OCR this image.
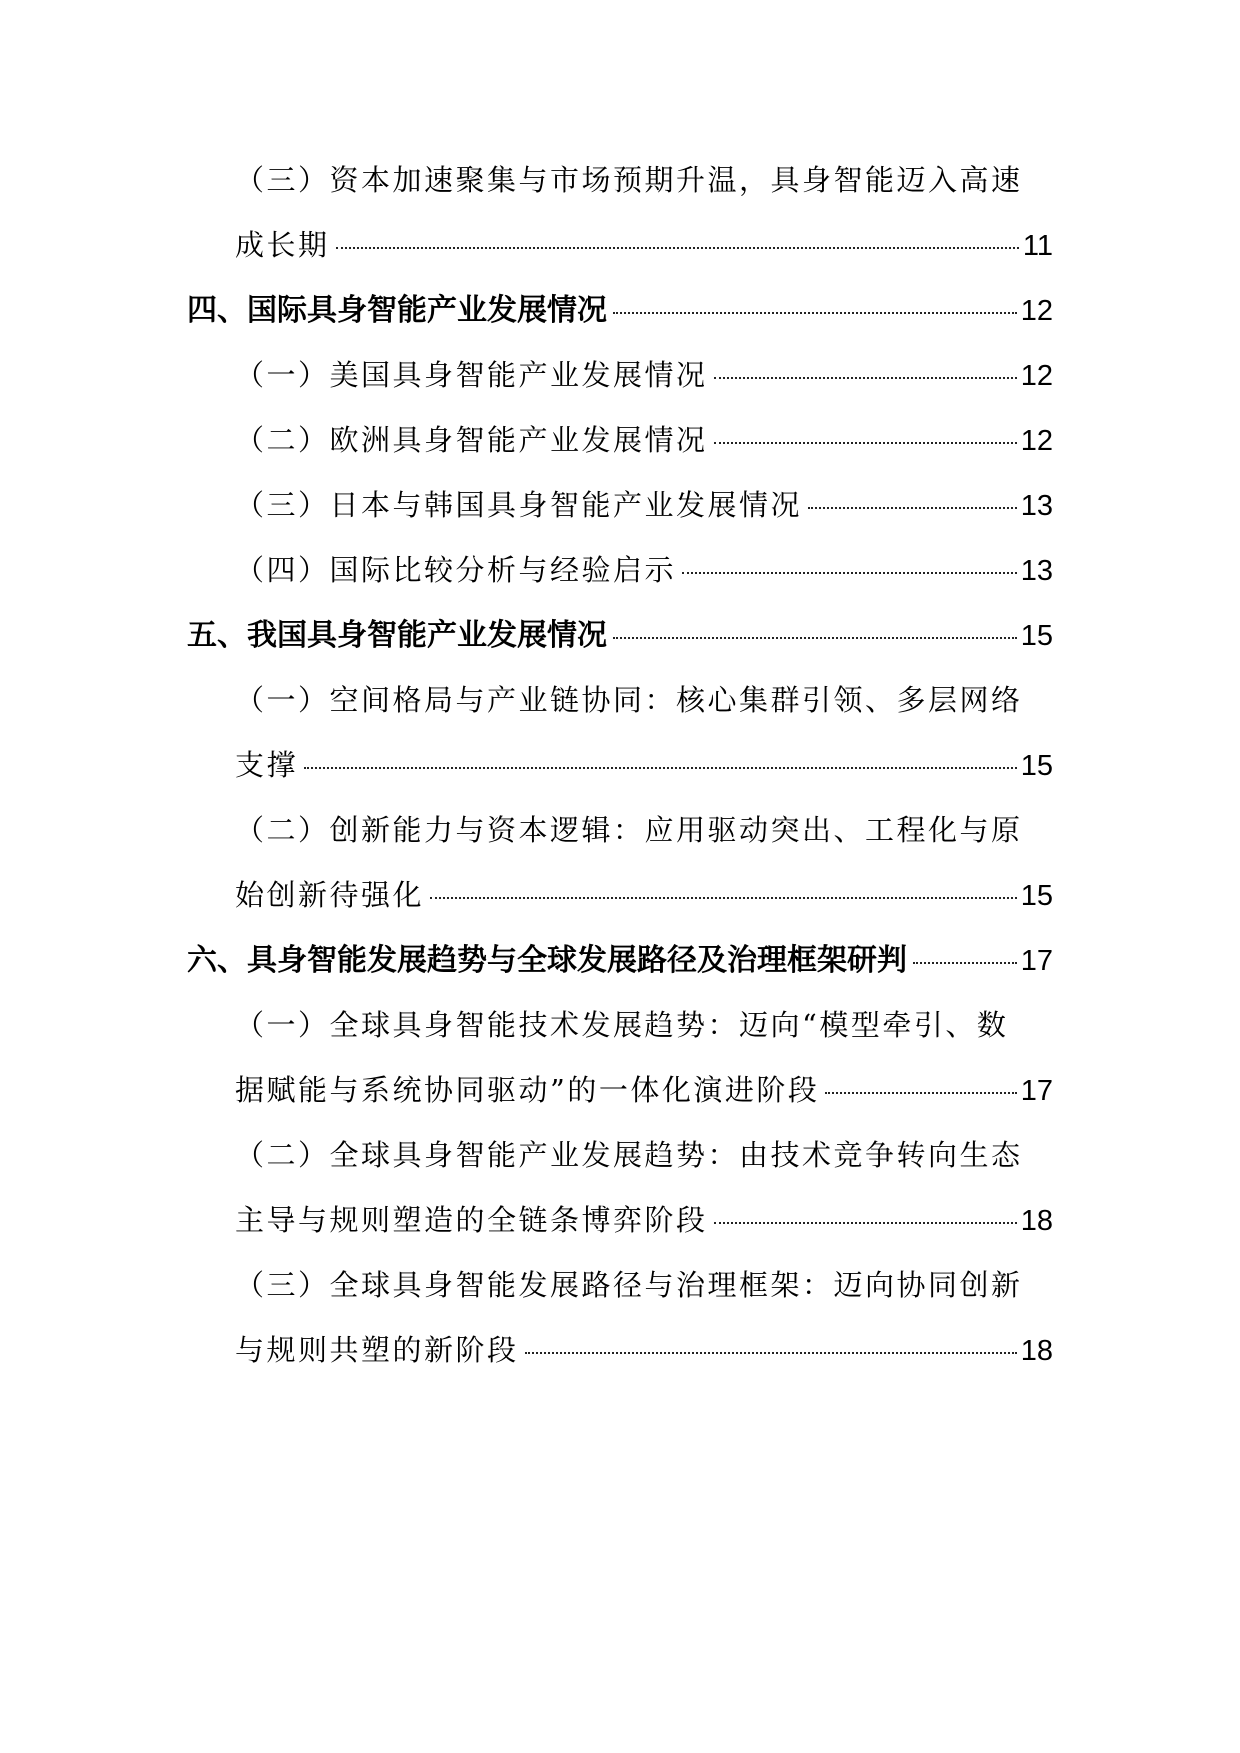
（三）资本加速聚集与市场预期升温，具身智能迈入高速
成长期	11
四、国际具身智能产业发展情况	12
（一）美国具身智能产业发展情况	12
（二）欧洲具身智能产业发展情况	12
（三）日本与韩国具身智能产业发展情况	13
（四）国际比较分析与经验启示	13
五、我国具身智能产业发展情况	15
（一）空间格局与产业链协同：核心集群引领、多层网络
支撑	15
（二）创新能力与资本逻辑：应用驱动突出、工程化与原
始创新待强化	15
六、具身智能发展趋势与全球发展路径及治理框架研判	17
（一）全球具身智能技术发展趋势：迈向“模型牵引、数
据赋能与系统协同驱动”的一体化演进阶段	17
（二）全球具身智能产业发展趋势：由技术竞争转向生态
主导与规则塑造的全链条博弈阶段	18
（三）全球具身智能发展路径与治理框架：迈向协同创新
与规则共塑的新阶段	18
